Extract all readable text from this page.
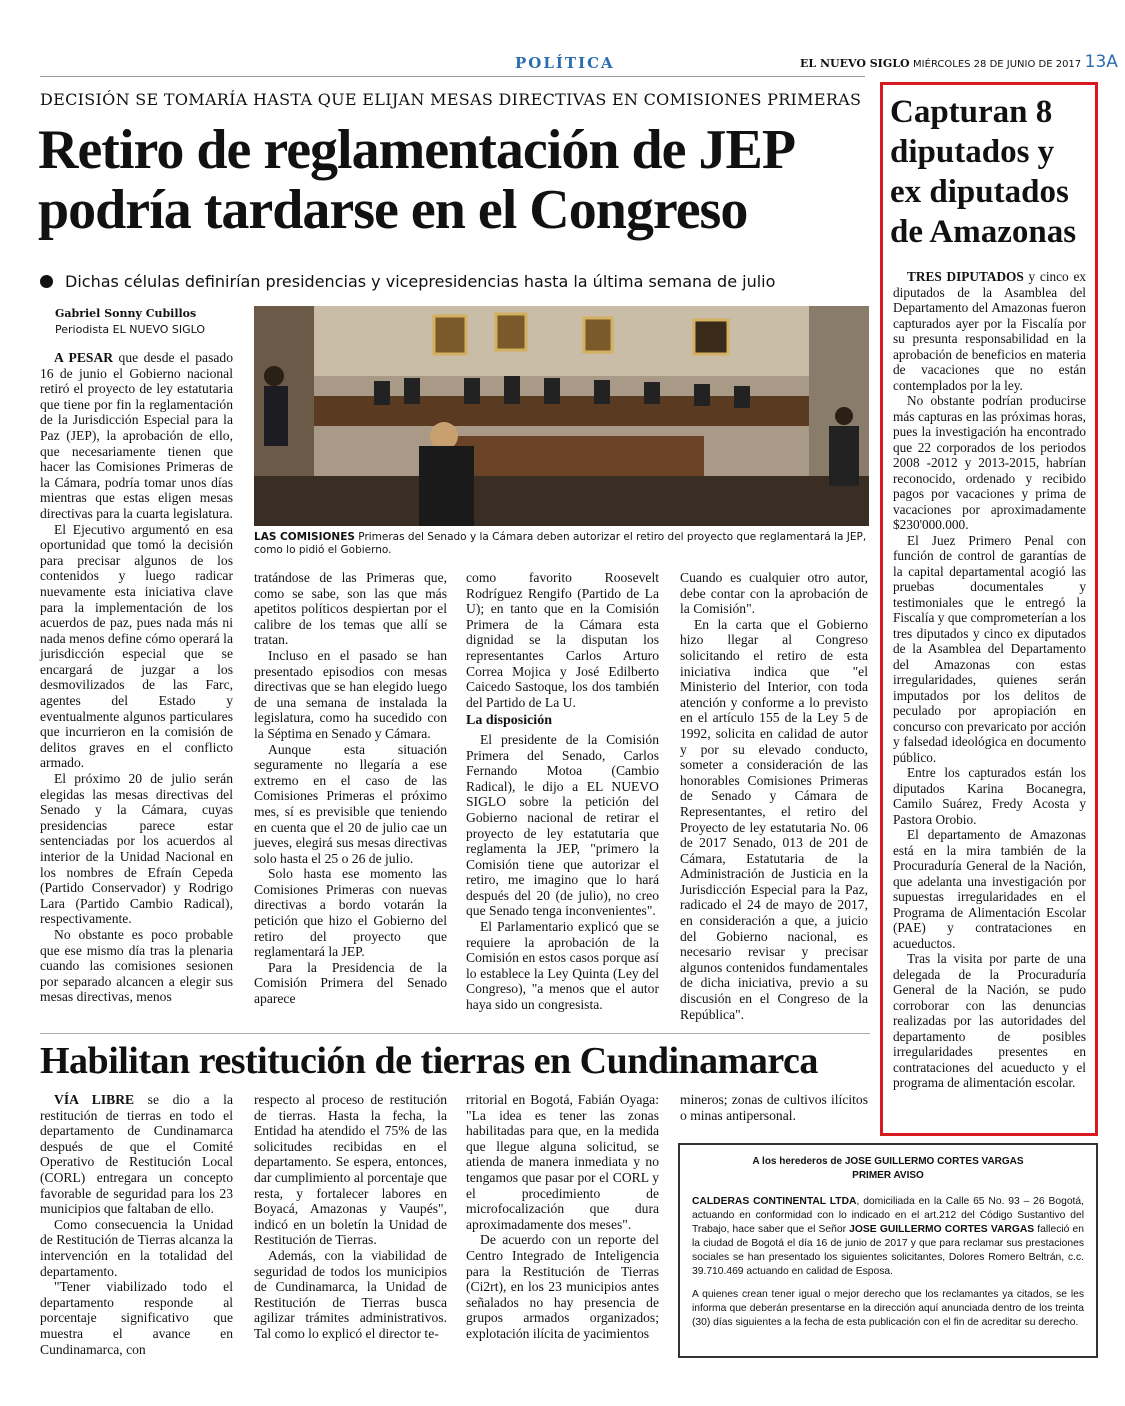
POLÍTICA	EL NUEVO SIGLO MIÉRCOLES 28 DE JUNIO DE 2017 13A
DECISIÓN SE TOMARÍA HASTA QUE ELIJAN MESAS DIRECTIVAS EN COMISIONES PRIMERAS
Retiro de reglamentación de JEP
podría tardarse en el Congreso
Dichas células definirían presidencias y vicepresidencias hasta la última semana de julio
Gabriel Sonny Cubillos
Periodista EL NUEVO SIGLO
LAS COMISIONES Primeras del Senado y la Cámara deben autorizar el retiro del proyecto que reglamentará la JEP, como lo pidió el Gobierno.

A PESAR que desde el pasado 16 de junio el Gobierno nacional retiró el proyecto de ley estatutaria que tiene por fin la reglamentación de la Jurisdicción Especial para la Paz (JEP), la aprobación de ello, que necesariamente tienen que hacer las Comisiones Primeras de la Cámara, podría tomar unos días mientras que estas eligen mesas directivas para la cuarta legislatura.

El Ejecutivo argumentó en esa oportunidad que tomó la decisión para precisar algunos de los contenidos y luego radicar nuevamente esta iniciativa clave para la implementación de los acuerdos de paz, pues nada más ni nada menos define cómo operará la jurisdicción especial que se encargará de juzgar a los desmovilizados de las Farc, agentes del Estado y eventualmente algunos particulares que incurrieron en la comisión de delitos graves en el conflicto armado.

El próximo 20 de julio serán elegidas las mesas directivas del Senado y la Cámara, cuyas presidencias parece estar sentenciadas por los acuerdos al interior de la Unidad Nacional en los nombres de Efraín Cepeda (Partido Conservador) y Rodrigo Lara (Partido Cambio Radical), respectivamente.

No obstante es poco probable que ese mismo día tras la plenaria cuando las comisiones sesionen por separado alcancen a elegir sus mesas directivas, menos

tratándose de las Primeras que, como se sabe, son las que más apetitos políticos despiertan por el calibre de los temas que allí se tratan.

Incluso en el pasado se han presentado episodios con mesas directivas que se han elegido luego de una semana de instalada la legislatura, como ha sucedido con la Séptima en Senado y Cámara.

Aunque esta situación seguramente no llegaría a ese extremo en el caso de las Comisiones Primeras el próximo mes, sí es previsible que teniendo en cuenta que el 20 de julio cae un jueves, elegirá sus mesas directivas solo hasta el 25 o 26 de julio.

Solo hasta ese momento las Comisiones Primeras con nuevas directivas a bordo votarán la petición que hizo el Gobierno del retiro del proyecto que reglamentará la JEP.

Para la Presidencia de la Comisión Primera del Senado aparece

como favorito Roosevelt Rodríguez Rengifo (Partido de La U); en tanto que en la Comisión Primera de la Cámara esta dignidad se la disputan los representantes Carlos Arturo Correa Mojica y José Edilberto Caicedo Sastoque, los dos también del Partido de La U.

La disposición

El presidente de la Comisión Primera del Senado, Carlos Fernando Motoa (Cambio Radical), le dijo a EL NUEVO SIGLO sobre la petición del Gobierno nacional de retirar el proyecto de ley estatutaria que reglamenta la JEP, "primero la Comisión tiene que autorizar el retiro, me imagino que lo hará después del 20 (de julio), no creo que Senado tenga inconvenientes".

El Parlamentario explicó que se requiere la aprobación de la Comisión en estos casos porque así lo establece la Ley Quinta (Ley del Congreso), "a menos que el autor haya sido un congresista.

Cuando es cualquier otro autor, debe contar con la aprobación de la Comisión".

En la carta que el Gobierno hizo llegar al Congreso solicitando el retiro de esta iniciativa indica que "el Ministerio del Interior, con toda atención y conforme a lo previsto en el artículo 155 de la Ley 5 de 1992, solicita en calidad de autor y por su elevado conducto, someter a consideración de las honorables Comisiones Primeras de Senado y Cámara de Representantes, el retiro del Proyecto de ley estatutaria No. 06 de 2017 Senado, 013 de 201 de Cámara, Estatutaria de la Administración de Justicia en la Jurisdicción Especial para la Paz, radicado el 24 de mayo de 2017, en consideración a que, a juicio del Gobierno nacional, es necesario revisar y precisar algunos contenidos fundamentales de dicha iniciativa, previo a su discusión en el Congreso de la República".

Capturan 8
diputados y
ex diputados
de Amazonas

TRES DIPUTADOS y cinco ex diputados de la Asamblea del Departamento del Amazonas fueron capturados ayer por la Fiscalía por su presunta responsabilidad en la aprobación de beneficios en materia de vacaciones que no están contemplados por la ley.

No obstante podrían producirse más capturas en las próximas horas, pues la investigación ha encontrado que 22 corporados de los periodos 2008 -2012 y 2013-2015, habrían reconocido, ordenado y recibido pagos por vacaciones y prima de vacaciones por aproximadamente $230'000.000.

El Juez Primero Penal con función de control de garantías de la capital departamental acogió las pruebas documentales y testimoniales que le entregó la Fiscalía y que comprometerían a los tres diputados y cinco ex diputados de la Asamblea del Departamento del Amazonas con estas irregularidades, quienes serán imputados por los delitos de peculado por apropiación en concurso con prevaricato por acción y falsedad ideológica en documento público.

Entre los capturados están los diputados Karina Bocanegra, Camilo Suárez, Fredy Acosta y Pastora Orobio.

El departamento de Amazonas está en la mira también de la Procuraduría General de la Nación, que adelanta una investigación por supuestas irregularidades en el Programa de Alimentación Escolar (PAE) y contrataciones en acueductos.

Tras la visita por parte de una delegada de la Procuraduría General de la Nación, se pudo corroborar con las denuncias realizadas por las autoridades del departamento de posibles irregularidades presentes en contrataciones del acueducto y el programa de alimentación escolar.

Habilitan restitución de tierras en Cundinamarca

VÍA LIBRE se dio a la restitución de tierras en todo el departamento de Cundinamarca después de que el Comité Operativo de Restitución Local (CORL) entregara un concepto favorable de seguridad para los 23 municipios que faltaban de ello.

Como consecuencia la Unidad de Restitución de Tierras alcanza la intervención en la totalidad del departamento.

"Tener viabilizado todo el departamento responde al porcentaje significativo que muestra el avance en Cundinamarca, con

respecto al proceso de restitución de tierras. Hasta la fecha, la Entidad ha atendido el 75% de las solicitudes recibidas en el departamento. Se espera, entonces, dar cumplimiento al porcentaje que resta, y fortalecer labores en Boyacá, Amazonas y Vaupés", indicó en un boletín la Unidad de Restitución de Tierras.

Además, con la viabilidad de seguridad de todos los municipios de Cundinamarca, la Unidad de Restitución de Tierras busca agilizar trámites administrativos. Tal como lo explicó el director te-

rritorial en Bogotá, Fabián Oyaga: "La idea es tener las zonas habilitadas para que, en la medida que llegue alguna solicitud, se atienda de manera inmediata y no tengamos que pasar por el CORL y el procedimiento de microfocalización que dura aproximadamente dos meses".

De acuerdo con un reporte del Centro Integrado de Inteligencia para la Restitución de Tierras (Ci2rt), en los 23 municipios antes señalados no hay presencia de grupos armados organizados; explotación ilícita de yacimientos

mineros; zonas de cultivos ilícitos o minas antipersonal.

A los herederos de JOSE GUILLERMO CORTES VARGAS
PRIMER AVISO
CALDERAS CONTINENTAL LTDA, domiciliada en la Calle 65 No. 93 – 26 Bogotá, actuando en conformidad con lo indicado en el art.212 del Código Sustantivo del Trabajo, hace saber que el Señor JOSE GUILLERMO CORTES VARGAS falleció en la ciudad de Bogotá el día 16 de junio de 2017 y que para reclamar sus prestaciones sociales se han presentado los siguientes solicitantes, Dolores Romero Beltrán, c.c. 39.710.469 actuando en calidad de Esposa.
A quienes crean tener igual o mejor derecho que los reclamantes ya citados, se les informa que deberán presentarse en la dirección aquí anunciada dentro de los treinta (30) días siguientes a la fecha de esta publicación con el fin de acreditar su derecho.
